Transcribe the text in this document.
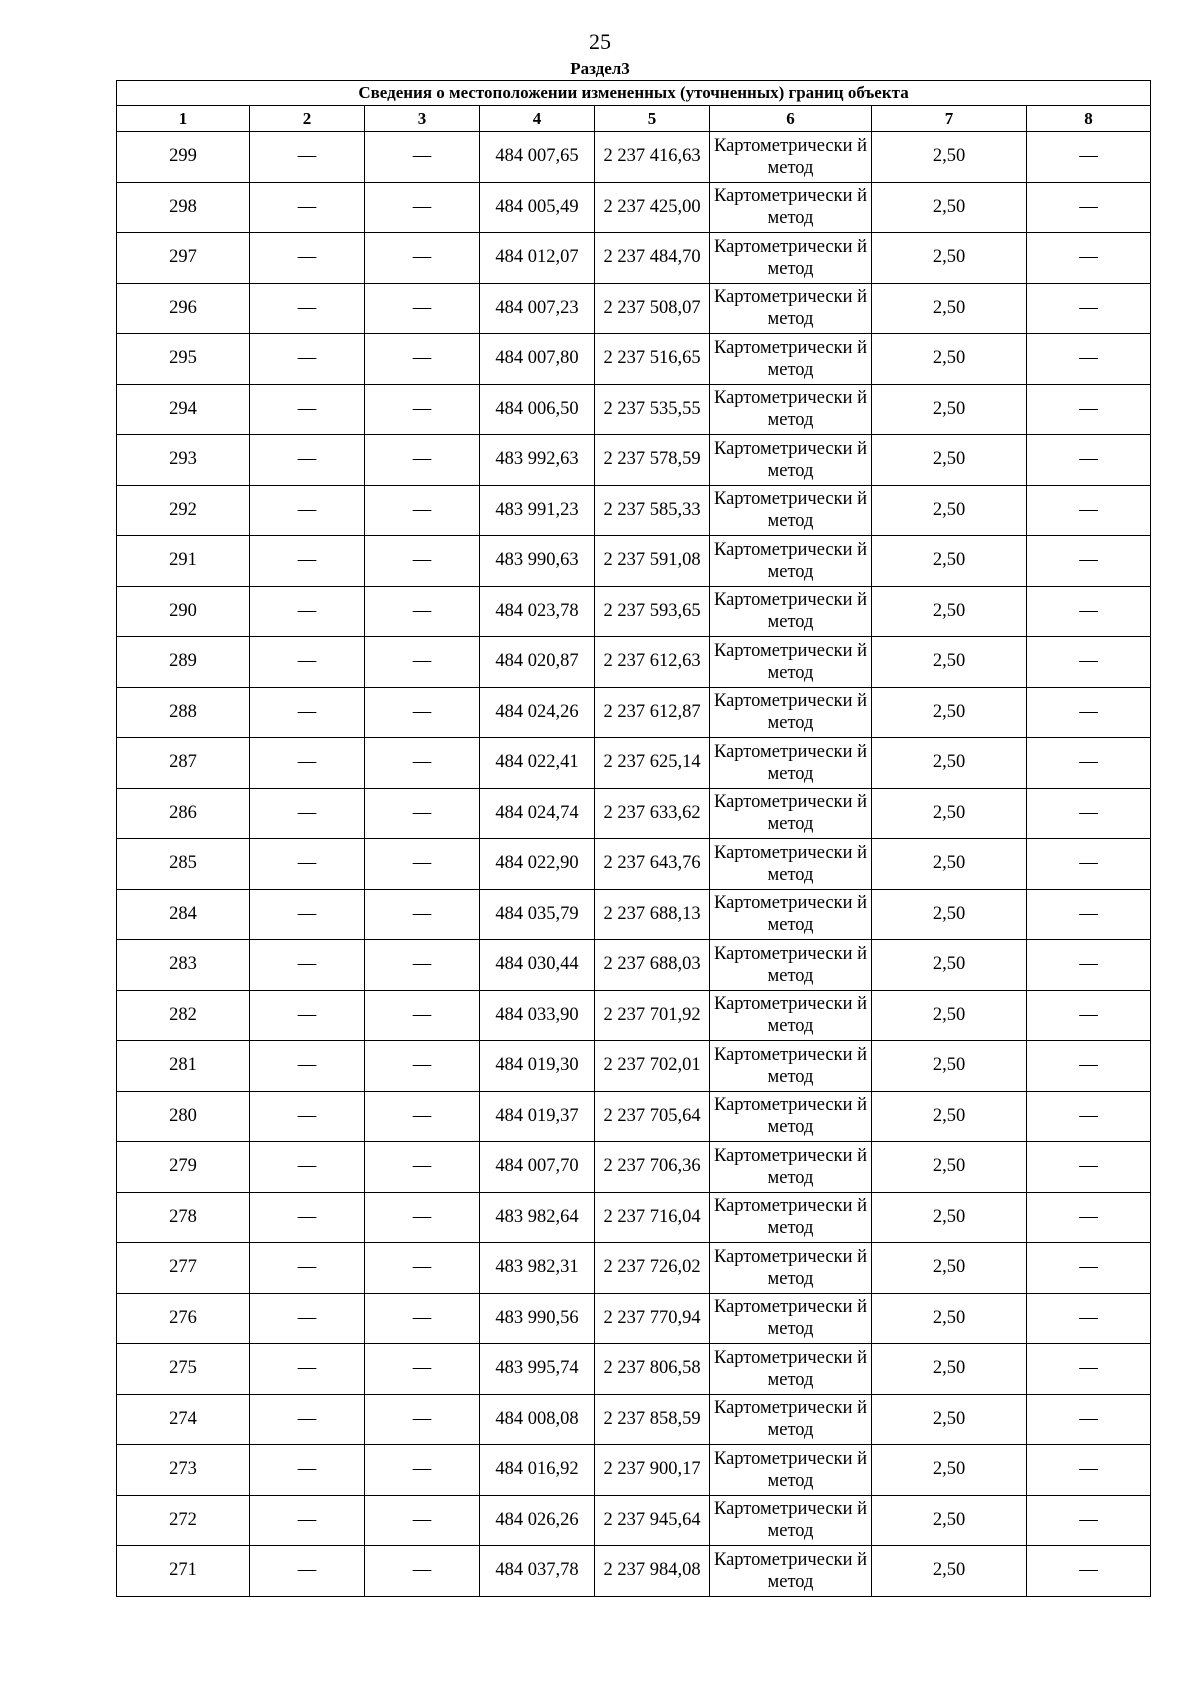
25
Раздел3
Сведения о местоположении измененных (уточненных) границ объекта							
1	2	3	4	5	6	7	8
299	—	—	484 007,65	2 237 416,63	Картометрически й метод	2,50	—
298	—	—	484 005,49	2 237 425,00	Картометрически й метод	2,50	—
297	—	—	484 012,07	2 237 484,70	Картометрически й метод	2,50	—
296	—	—	484 007,23	2 237 508,07	Картометрически й метод	2,50	—
295	—	—	484 007,80	2 237 516,65	Картометрически й метод	2,50	—
294	—	—	484 006,50	2 237 535,55	Картометрически й метод	2,50	—
293	—	—	483 992,63	2 237 578,59	Картометрически й метод	2,50	—
292	—	—	483 991,23	2 237 585,33	Картометрически й метод	2,50	—
291	—	—	483 990,63	2 237 591,08	Картометрически й метод	2,50	—
290	—	—	484 023,78	2 237 593,65	Картометрически й метод	2,50	—
289	—	—	484 020,87	2 237 612,63	Картометрически й метод	2,50	—
288	—	—	484 024,26	2 237 612,87	Картометрически й метод	2,50	—
287	—	—	484 022,41	2 237 625,14	Картометрически й метод	2,50	—
286	—	—	484 024,74	2 237 633,62	Картометрически й метод	2,50	—
285	—	—	484 022,90	2 237 643,76	Картометрически й метод	2,50	—
284	—	—	484 035,79	2 237 688,13	Картометрически й метод	2,50	—
283	—	—	484 030,44	2 237 688,03	Картометрически й метод	2,50	—
282	—	—	484 033,90	2 237 701,92	Картометрически й метод	2,50	—
281	—	—	484 019,30	2 237 702,01	Картометрически й метод	2,50	—
280	—	—	484 019,37	2 237 705,64	Картометрически й метод	2,50	—
279	—	—	484 007,70	2 237 706,36	Картометрически й метод	2,50	—
278	—	—	483 982,64	2 237 716,04	Картометрически й метод	2,50	—
277	—	—	483 982,31	2 237 726,02	Картометрически й метод	2,50	—
276	—	—	483 990,56	2 237 770,94	Картометрически й метод	2,50	—
275	—	—	483 995,74	2 237 806,58	Картометрически й метод	2,50	—
274	—	—	484 008,08	2 237 858,59	Картометрически й метод	2,50	—
273	—	—	484 016,92	2 237 900,17	Картометрически й метод	2,50	—
272	—	—	484 026,26	2 237 945,64	Картометрически й метод	2,50	—
271	—	—	484 037,78	2 237 984,08	Картометрически й метод	2,50	—
